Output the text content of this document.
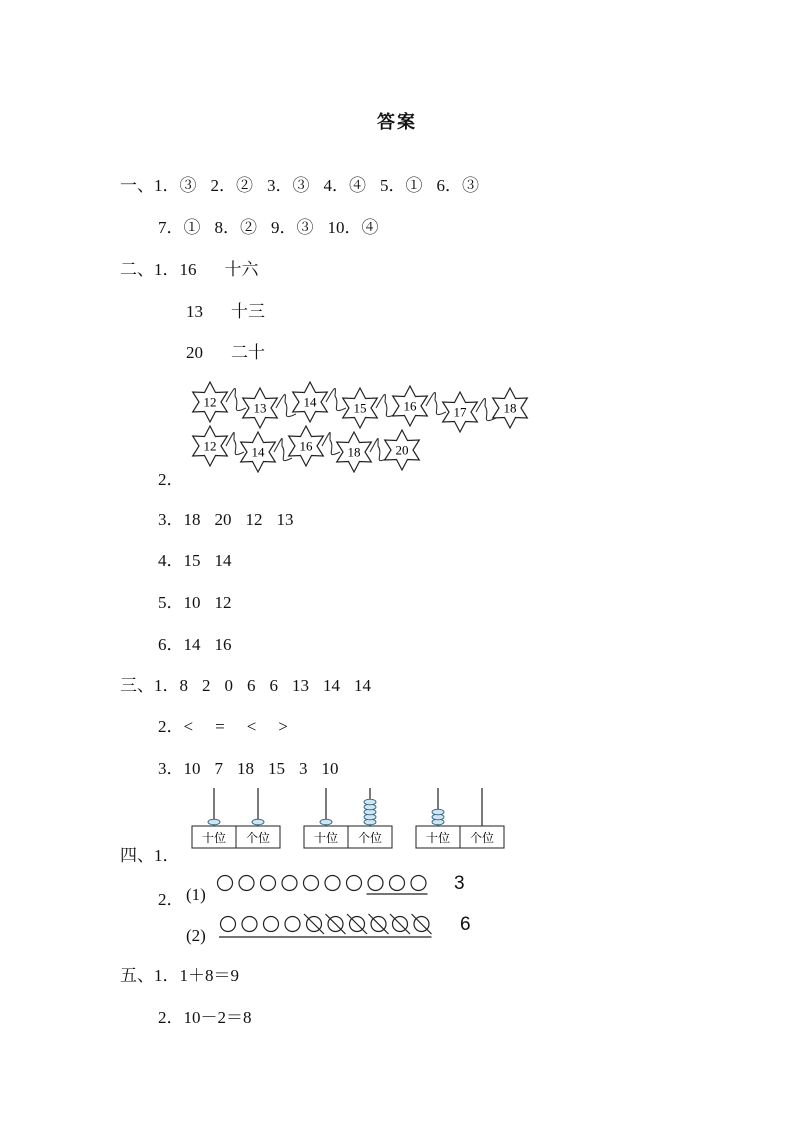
答案
一、1．③ 2．② 3．③ 4．④ 5．① 6．③
7．① 8．② 9．③ 10．④
二、1．16 十六
13 十三
20 二十
12	13	14	15	16	17	18
12	14	16	18	20
2．
3．18 20 12 13
4．15 14
5．10 12
6．14 16
三、1．8 2 0 6 6 13 14 14
2．< = < >
3．10 7 18 15 3 10
十位 个位	十位 个位	十位 个位
四、1．
2． (1)
3
(2)
6
五、1．1＋8＝9
2．10－2＝8
